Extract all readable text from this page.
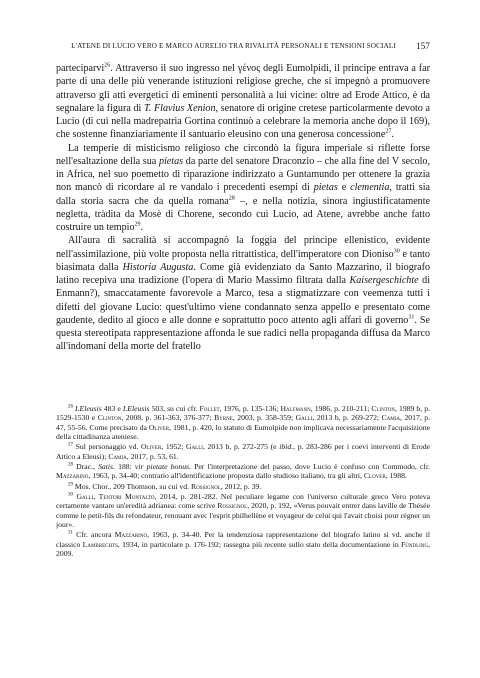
L'ATENE DI LUCIO VERO E MARCO AURELIO TRA RIVALITÀ PERSONALI E TENSIONI SOCIALI 157

parteciparvi$^{26}$. Attraverso il suo ingresso nel γένος degli Eumolpidi, il principe entrava a far parte di una delle più venerande istituzioni religiose greche, che si impegnò a promuovere attraverso gli atti evergetici di eminenti personalità a lui vicine: oltre ad Erode Attico, è da segnalare la figura di T. Flavius Xenion, senatore di origine cretese particolarmente devoto a Lucio (di cui nella madrepatria Gortina continuò a celebrare la memoria anche dopo il 169), che sostenne finanziariamente il santuario eleusino con una generosa concessione$^{27}$.

La temperie di misticismo religioso che circondò la figura imperiale si riflette forse nell'esaltazione della sua pietas da parte del senatore Draconzio – che alla fine del V secolo, in Africa, nel suo poemetto di riparazione indirizzato a Guntamundo per ottenere la grazia non mancò di ricordare al re vandalo i precedenti esempi di pietas e clementia, tratti sia dalla storia sacra che da quella romana$^{28}$ –, e nella notizia, sinora ingiustificatamente negletta, tràdita da Mosè di Chorene, secondo cui Lucio, ad Atene, avrebbe anche fatto costruire un tempio$^{29}$.

All'aura di sacralità si accompagnò la foggia del principe ellenistico, evidente nell'assimilazione, più volte proposta nella ritrattistica, dell'imperatore con Dioniso$^{30}$ e tanto biasimata dalla Historia Augusta. Come già evidenziato da Santo Mazzarino, il biografo latino recepiva una tradizione (l'opera di Mario Massimo filtrata dalla Kaisergeschichte di Enmann?), smaccatamente favorevole a Marco, tesa a stigmatizzare con veemenza tutti i difetti del giovane Lucio: quest'ultimo viene condannato senza appello e presentato come gaudente, dedito al gioco e alle donne e soprattutto poco attento agli affari di governo$^{31}$. Se questa stereotipata rappresentazione affonda le sue radici nella propaganda diffusa da Marco all'indomani della morte del fratello

$^{26}$ I.Eleusis 483 e I.Eleusis 503, su cui cfr. Follet, 1976, p. 135-136; Halfmann, 1986, p. 210-211; Clinton, 1989 b, p. 1529-1530 e Clinton, 2008, p. 361-363, 376-377; Byrne, 2003, p. 358-359; Galli, 2013 b, p. 269-272; Camia, 2017, p. 47, 55-56. Come precisato da Oliver, 1981, p. 420, lo statuto di Eumolpide non implicava necessariamente l'acquisizione della cittadinanza ateniese.

$^{27}$ Sul personaggio vd. Oliver, 1952; Galli, 2013 b, p. 272-275 (e ibid., p. 283-286 per i coevi interventi di Erode Attico a Eleusi); Camia, 2017, p. 53, 61.

$^{28}$ Drac., Satis. 188: vir pietate bonus. Per l'interpretazione del passo, dove Lucio è confuso con Commodo, cfr. Mazzarino, 1963, p. 34-40; contrario all'identificazione proposta dallo studioso italiano, tra gli altri, Clover, 1988.

$^{29}$ Mos. Chor., 209 Thomson, su cui vd. Rossignol, 2012, p. 39.

$^{30}$ Galli, Tentori Montalto, 2014, p. 281-282. Nel peculiare legame con l'universo culturale greco Vero poteva certamente vantare un'eredità adrianea: come scrive Rossignol, 2020, p. 192, «Verus pouvait entrer dans laville de Thésée comme le petit-fils du refondateur, renouant avec l'esprit philhellène et voyageur de celui qui l'avait choisi pour régner un jour».

$^{31}$ Cfr. ancora Mazzarino, 1963, p. 34-40. Per la tendenziosa rappresentazione del biografo latino si vd. anche il classico Lambrechts, 1934, in particolare p. 176-192; rassegna più recente sullo stato della documentazione in Fündling, 2009.
